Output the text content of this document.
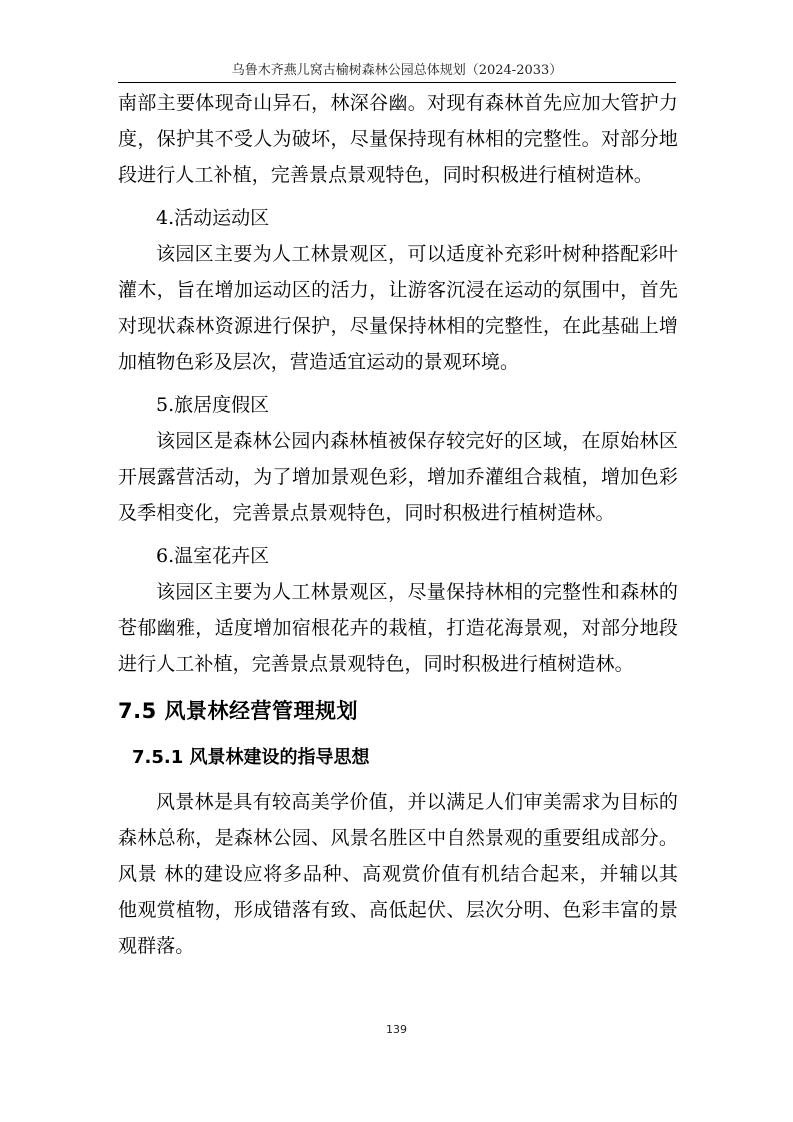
乌鲁木齐燕儿窝古榆树森林公园总体规划（2024-2033）

南部主要体现奇山异石，林深谷幽。对现有森林首先应加大管护力度，保护其不受人为破坏，尽量保持现有林相的完整性。对部分地段进行人工补植，完善景点景观特色，同时积极进行植树造林。

4.活动运动区

该园区主要为人工林景观区，可以适度补充彩叶树种搭配彩叶灌木，旨在增加运动区的活力，让游客沉浸在运动的氛围中，首先对现状森林资源进行保护，尽量保持林相的完整性，在此基础上增加植物色彩及层次，营造适宜运动的景观环境。

5.旅居度假区

该园区是森林公园内森林植被保存较完好的区域，在原始林区开展露营活动，为了增加景观色彩，增加乔灌组合栽植，增加色彩及季相变化，完善景点景观特色，同时积极进行植树造林。

6.温室花卉区

该园区主要为人工林景观区，尽量保持林相的完整性和森林的苍郁幽雅，适度增加宿根花卉的栽植，打造花海景观，对部分地段进行人工补植，完善景点景观特色，同时积极进行植树造林。

7.5 风景林经营管理规划
7.5.1 风景林建设的指导思想

风景林是具有较高美学价值，并以满足人们审美需求为目标的森林总称，是森林公园、风景名胜区中自然景观的重要组成部分。风景 林的建设应将多品种、高观赏价值有机结合起来，并辅以其他观赏植物，形成错落有致、高低起伏、层次分明、色彩丰富的景观群落。

139
